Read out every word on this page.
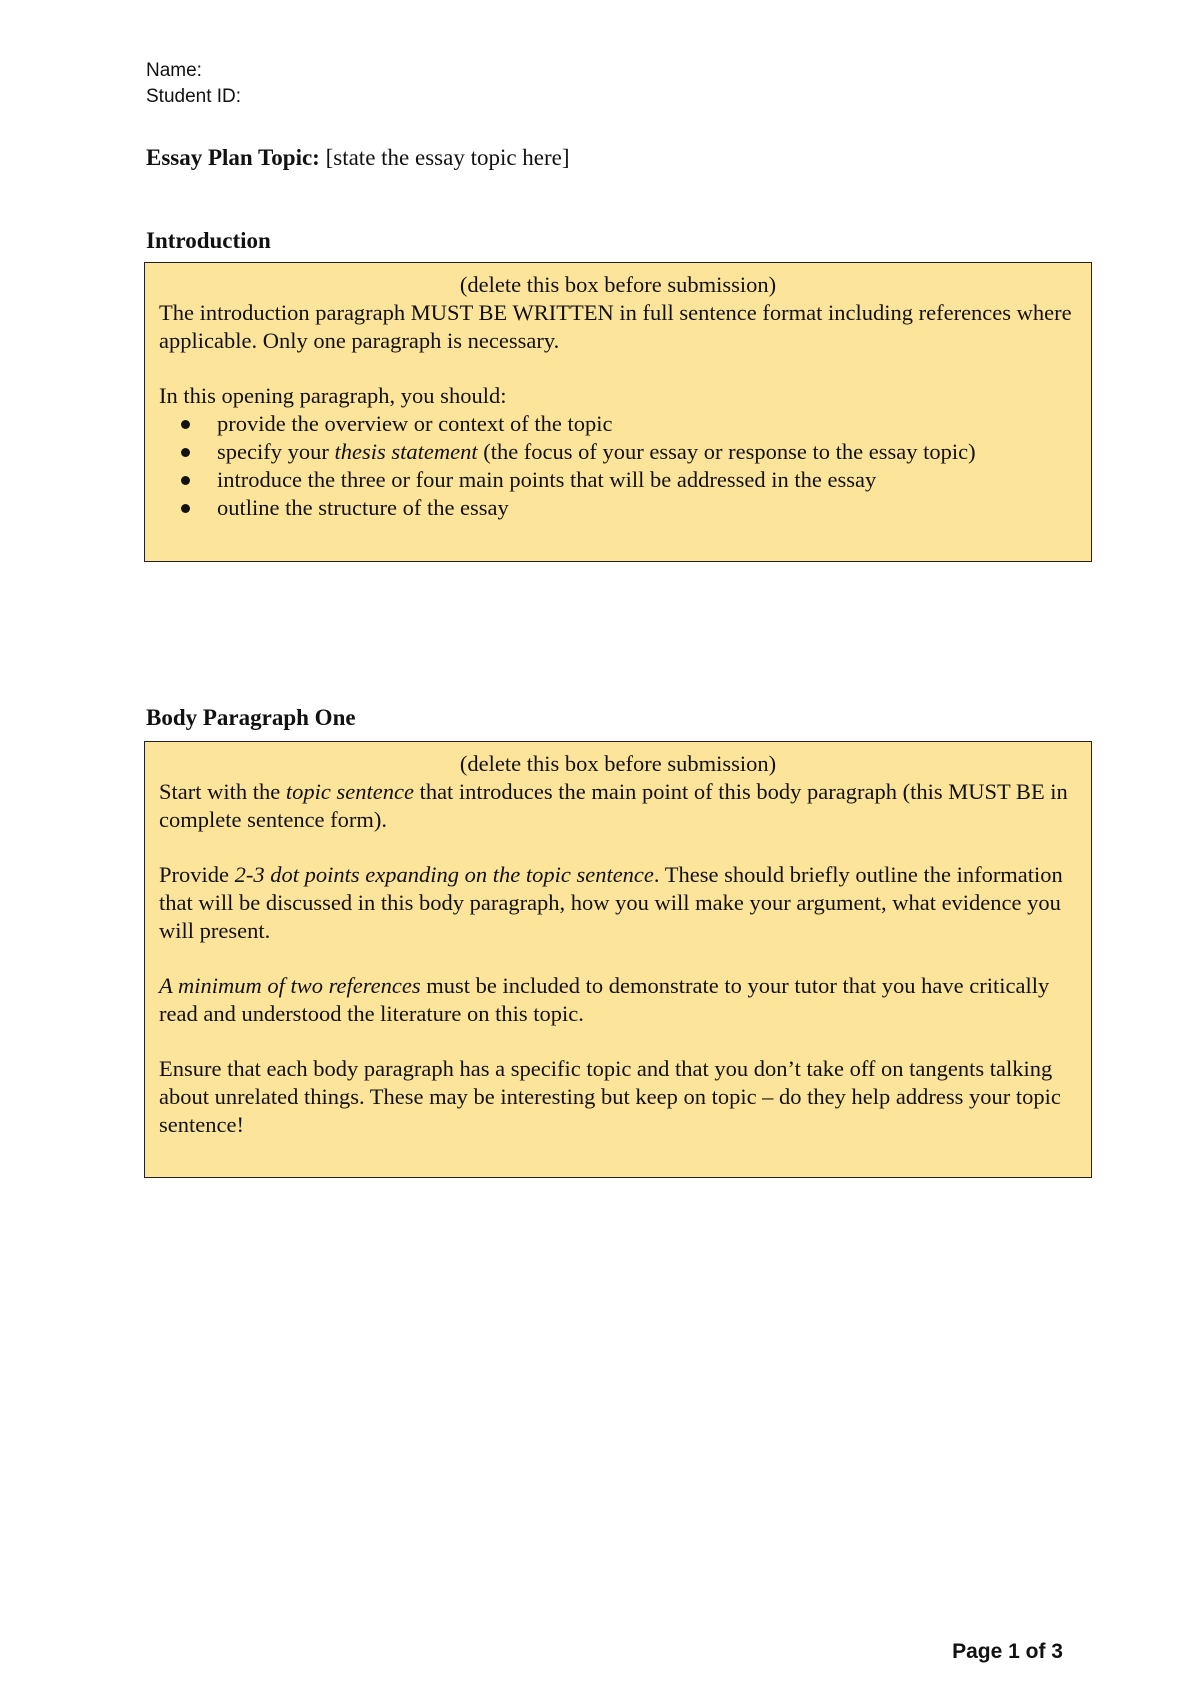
Name:
Student ID:
Essay Plan Topic: [state the essay topic here]
Introduction

(delete this box before submission)

The introduction paragraph MUST BE WRITTEN in full sentence format including references where applicable. Only one paragraph is necessary.

In this opening paragraph, you should:

provide the overview or context of the topic
specify your thesis statement (the focus of your essay or response to the essay topic)
introduce the three or four main points that will be addressed in the essay
outline the structure of the essay
Body Paragraph One

(delete this box before submission)

Start with the topic sentence that introduces the main point of this body paragraph (this MUST BE in complete sentence form).

Provide 2-3 dot points expanding on the topic sentence. These should briefly outline the information that will be discussed in this body paragraph, how you will make your argument, what evidence you will present.

A minimum of two references must be included to demonstrate to your tutor that you have critically read and understood the literature on this topic.

Ensure that each body paragraph has a specific topic and that you don’t take off on tangents talking about unrelated things. These may be interesting but keep on topic – do they help address your topic sentence!

Page 1 of 3
